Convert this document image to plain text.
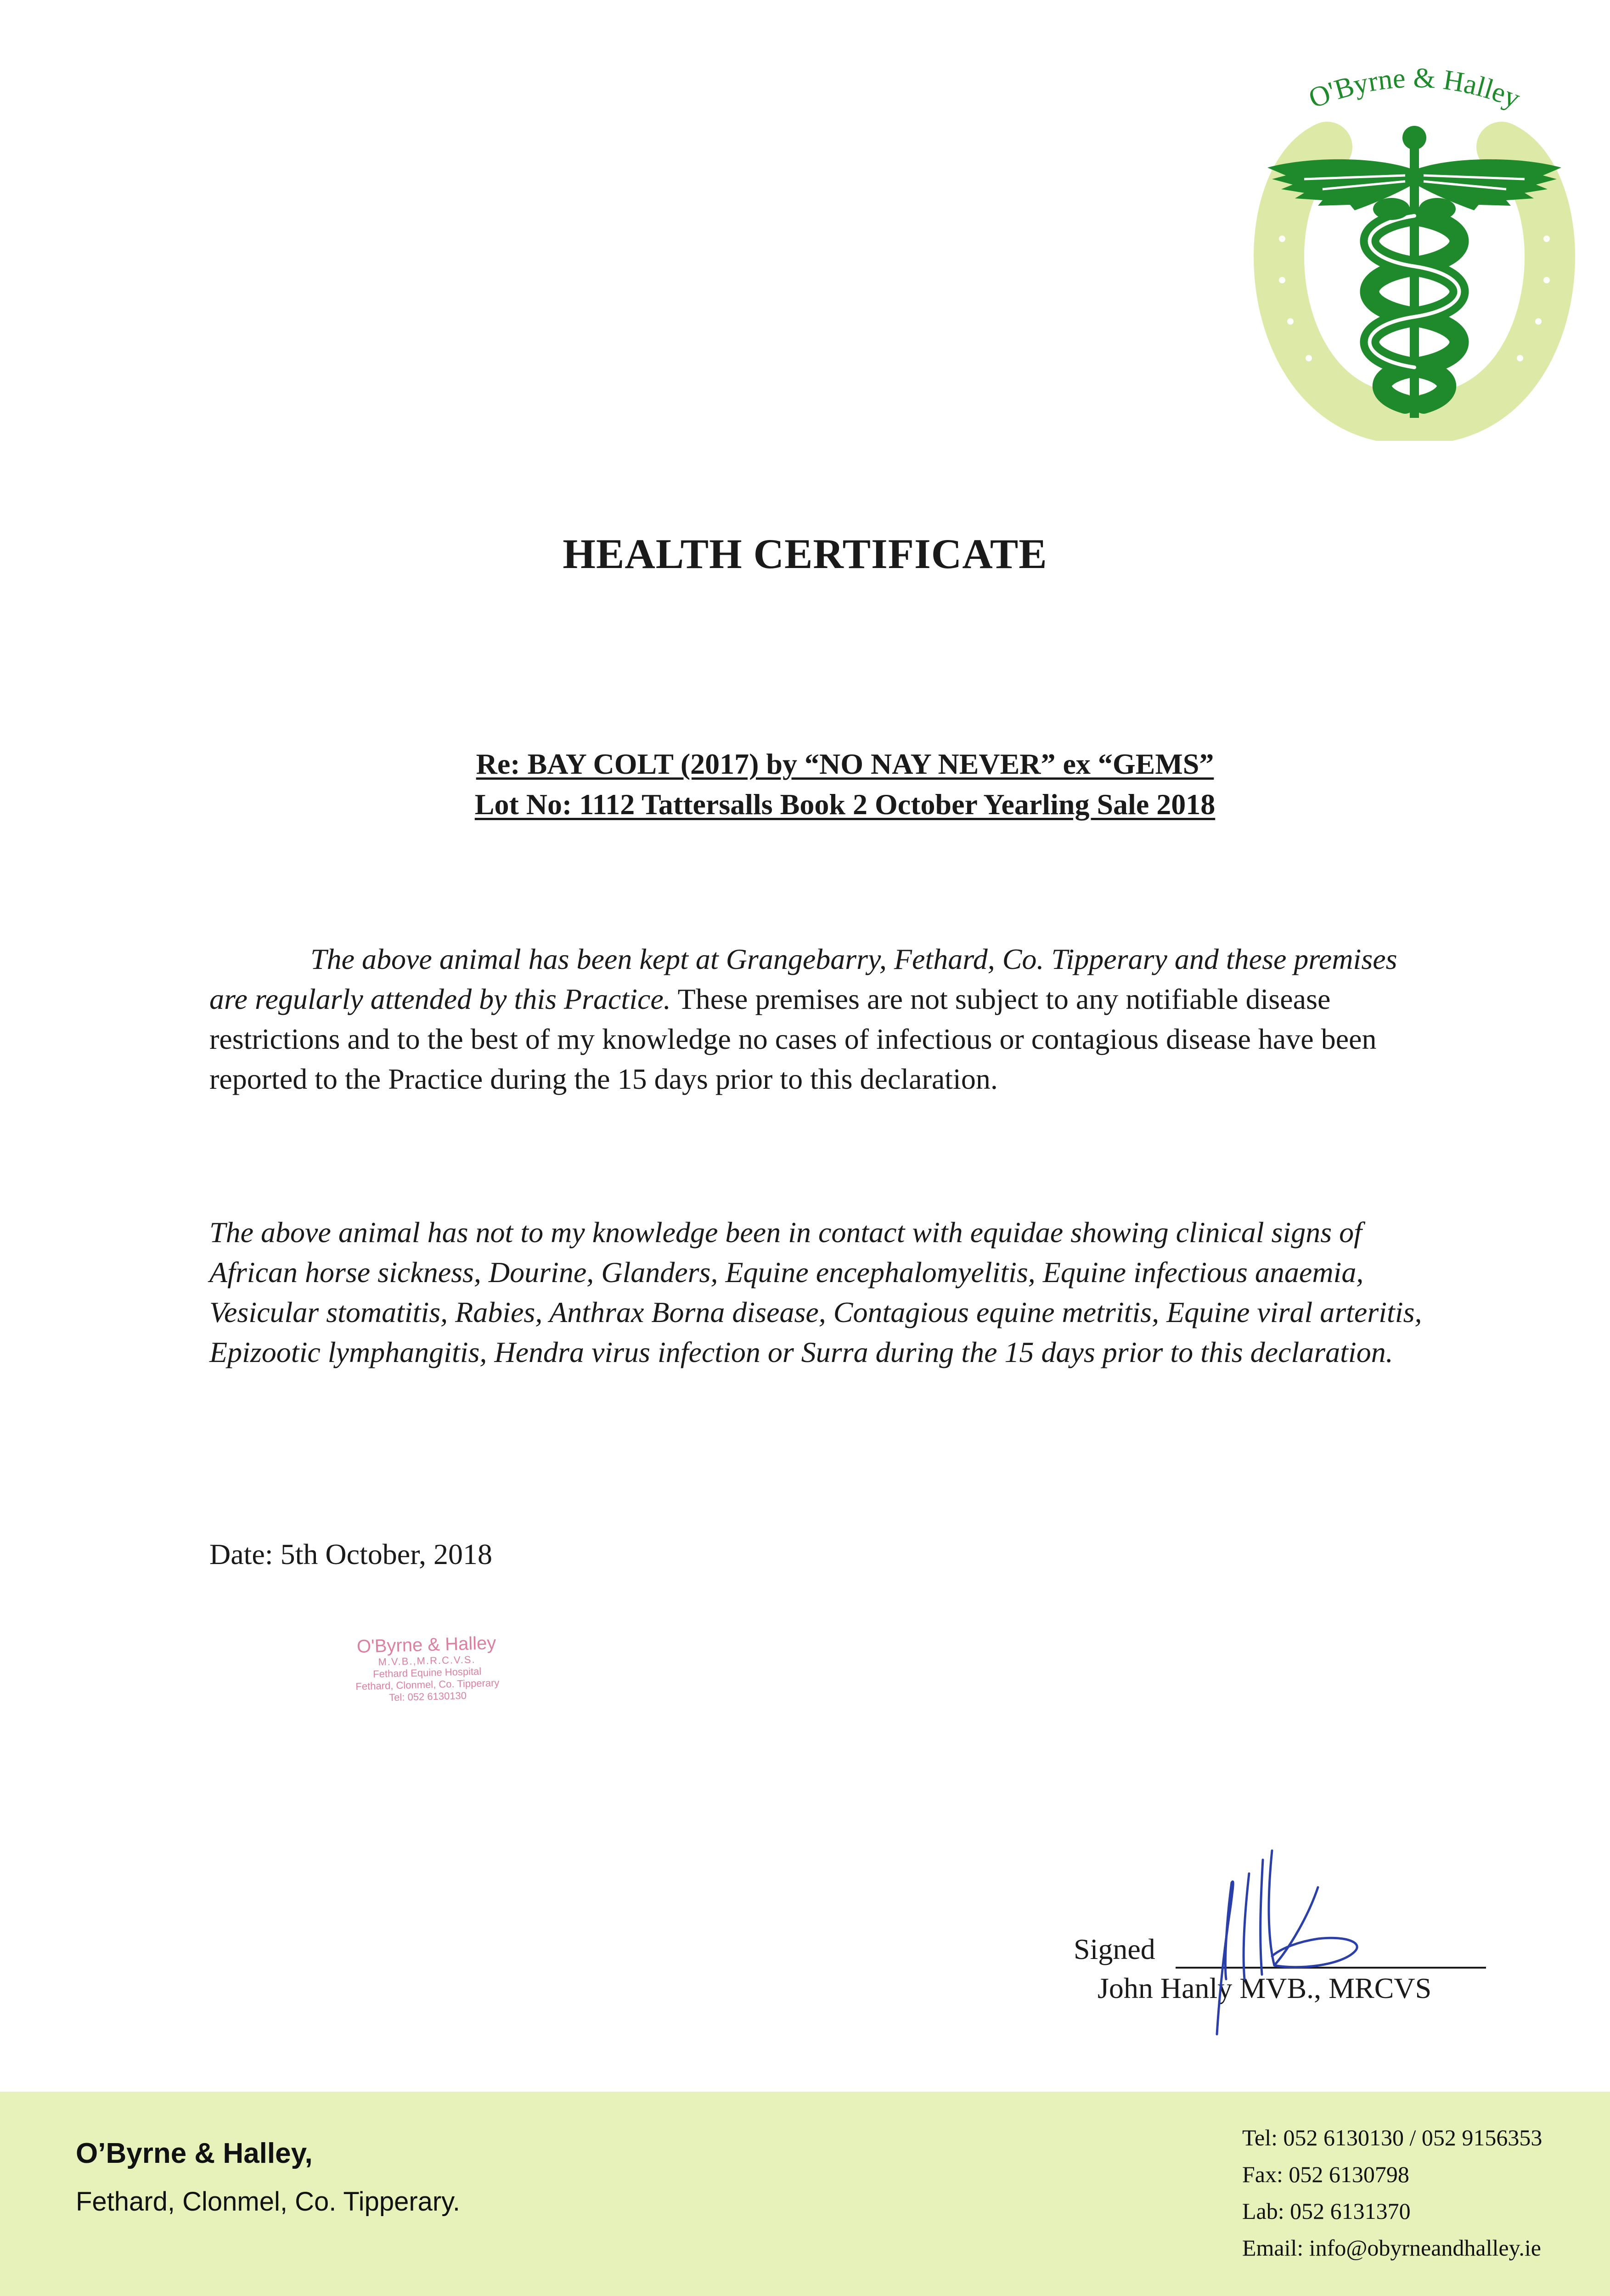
O'Byrne & Halley
HEALTH CERTIFICATE
Re: BAY COLT (2017) by “NO NAY NEVER” ex “GEMS”
Lot No: 1112 Tattersalls Book 2 October Yearling Sale 2018
The above animal has been kept at Grangebarry, Fethard, Co. Tipperary and these premises are regularly attended by this Practice. These premises are not subject to any notifiable disease restrictions and to the best of my knowledge no cases of infectious or contagious disease have been reported to the Practice during the 15 days prior to this declaration.
The above animal has not to my knowledge been in contact with equidae showing clinical signs of African horse sickness, Dourine, Glanders, Equine encephalomyelitis, Equine infectious anaemia, Vesicular stomatitis, Rabies, Anthrax Borna disease, Contagious equine metritis, Equine viral arteritis, Epizootic lymphangitis, Hendra virus infection or Surra during the 15 days prior to this declaration.
Date: 5th October, 2018
O'Byrne & Halley
M.V.B.,M.R.C.V.S.
Fethard Equine Hospital
Fethard, Clonmel, Co. Tipperary
Tel: 052 6130130
Signed
John Hanly MVB., MRCVS
O’Byrne & Halley,
Fethard, Clonmel, Co. Tipperary.
Tel: 052 6130130 / 052 9156353
Fax: 052 6130798
Lab: 052 6131370
Email: info@obyrneandhalley.ie
